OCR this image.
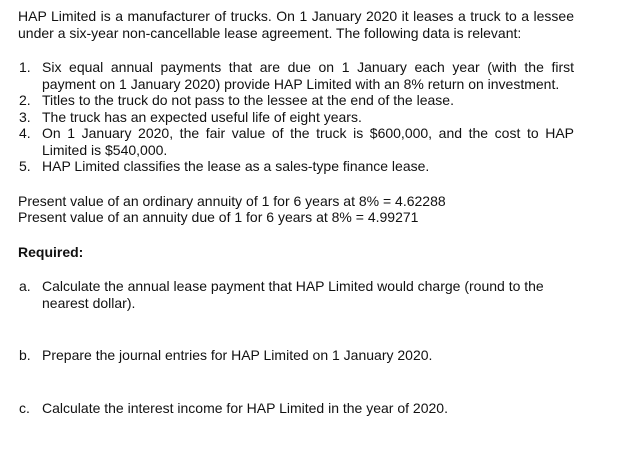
HAP Limited is a manufacturer of trucks. On 1 January 2020 it leases a truck to a lessee under a six-year non-cancellable lease agreement. The following data is relevant:

1. Six equal annual payments that are due on 1 January each year (with the first payment on 1 January 2020) provide HAP Limited with an 8% return on investment.
2. Titles to the truck do not pass to the lessee at the end of the lease.
3. The truck has an expected useful life of eight years.
4. On 1 January 2020, the fair value of the truck is $600,000, and the cost to HAP Limited is $540,000.
5. HAP Limited classifies the lease as a sales-type finance lease.
Present value of an ordinary annuity of 1 for 6 years at 8% = 4.62288
Present value of an annuity due of 1 for 6 years at 8% = 4.99271
Required:
a. Calculate the annual lease payment that HAP Limited would charge (round to the nearest dollar).
b. Prepare the journal entries for HAP Limited on 1 January 2020.
c. Calculate the interest income for HAP Limited in the year of 2020.
